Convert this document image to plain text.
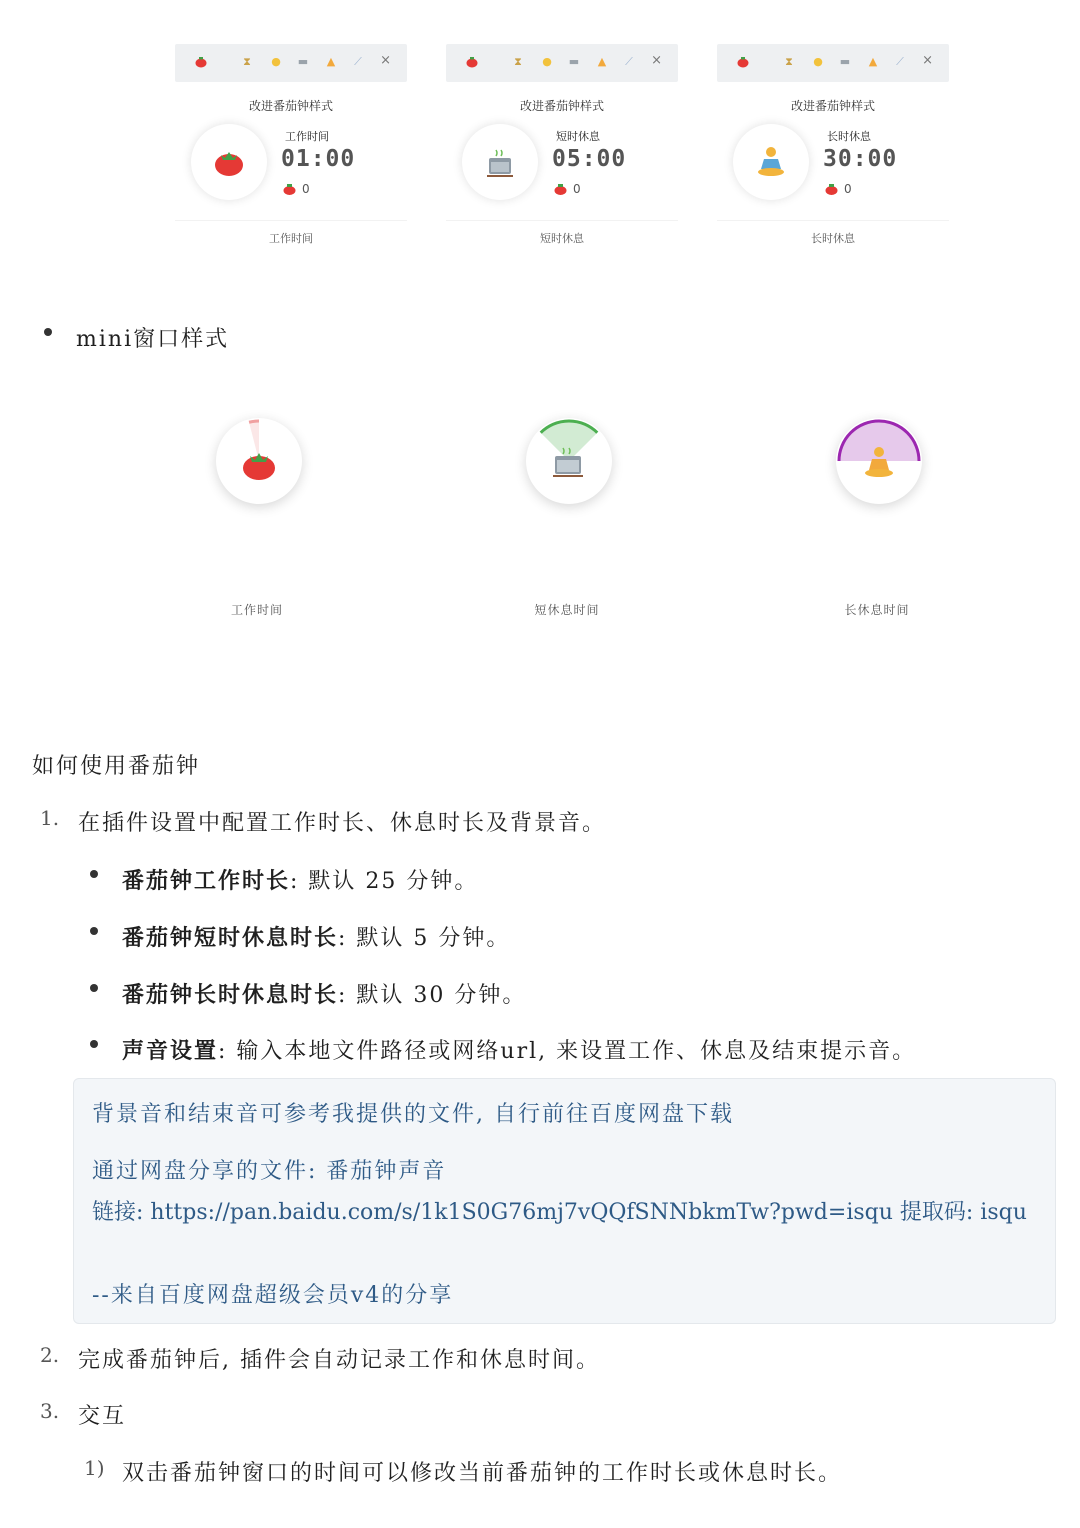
⧗ ● ▬ ▲ ⟋ ×
改进番茄钟样式
工作时间
01:00
0
工作时间
⧗ ● ▬ ▲ ⟋ ×
改进番茄钟样式
短时休息
05:00
0
短时休息
⧗ ● ▬ ▲ ⟋ ×
改进番茄钟样式
长时休息
30:00
0
长时休息
mini窗口样式
工作时间	短休息时间	长休息时间
如何使用番茄钟
1. 在插件设置中配置工作时长、休息时长及背景音。
番茄钟工作时长: 默认 25 分钟。
番茄钟短时休息时长: 默认 5 分钟。
番茄钟长时休息时长: 默认 30 分钟。
声音设置: 输入本地文件路径或网络url, 来设置工作、休息及结束提示音。
背景音和结束音可参考我提供的文件, 自行前往百度网盘下载
通过网盘分享的文件: 番茄钟声音
链接: https://pan.baidu.com/s/1k1S0G76mj7vQQfSNNbkmTw?pwd=isqu 提取码: isqu
--来自百度网盘超级会员v4的分享
2. 完成番茄钟后, 插件会自动记录工作和休息时间。
3. 交互
1) 双击番茄钟窗口的时间可以修改当前番茄钟的工作时长或休息时长。
